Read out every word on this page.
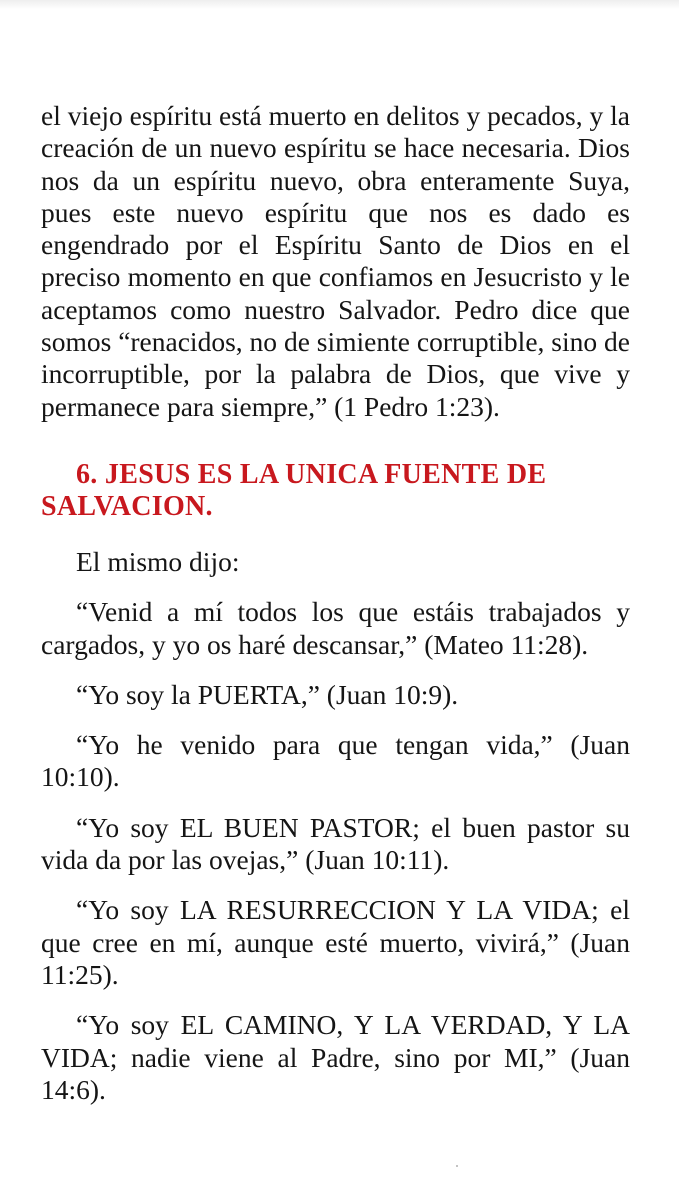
el viejo espíritu está muerto en delitos y pecados, y la creación de un nuevo espíritu se hace necesaria. Dios nos da un espíritu nuevo, obra enteramente Suya, pues este nuevo espíritu que nos es dado es engendrado por el Espíritu Santo de Dios en el preciso momento en que confiamos en Jesucristo y le aceptamos como nuestro Salvador. Pedro dice que somos “renacidos, no de simiente corruptible, sino de incorruptible, por la palabra de Dios, que vive y permanece para siempre,” (1 Pedro 1:23).

6. JESUS ES LA UNICA FUENTE DE
SALVACION.

El mismo dijo:

“Venid a mí todos los que estáis trabajados y cargados, y yo os haré descansar,” (Mateo 11:28).

“Yo soy la PUERTA,” (Juan 10:9).

“Yo he venido para que tengan vida,” (Juan 10:10).

“Yo soy EL BUEN PASTOR; el buen pastor su vida da por las ovejas,” (Juan 10:11).

“Yo soy LA RESURRECCION Y LA VIDA; el que cree en mí, aunque esté muerto, vivirá,” (Juan 11:25).

“Yo soy EL CAMINO, Y LA VERDAD, Y LA VIDA; nadie viene al Padre, sino por MI,” (Juan 14:6).
